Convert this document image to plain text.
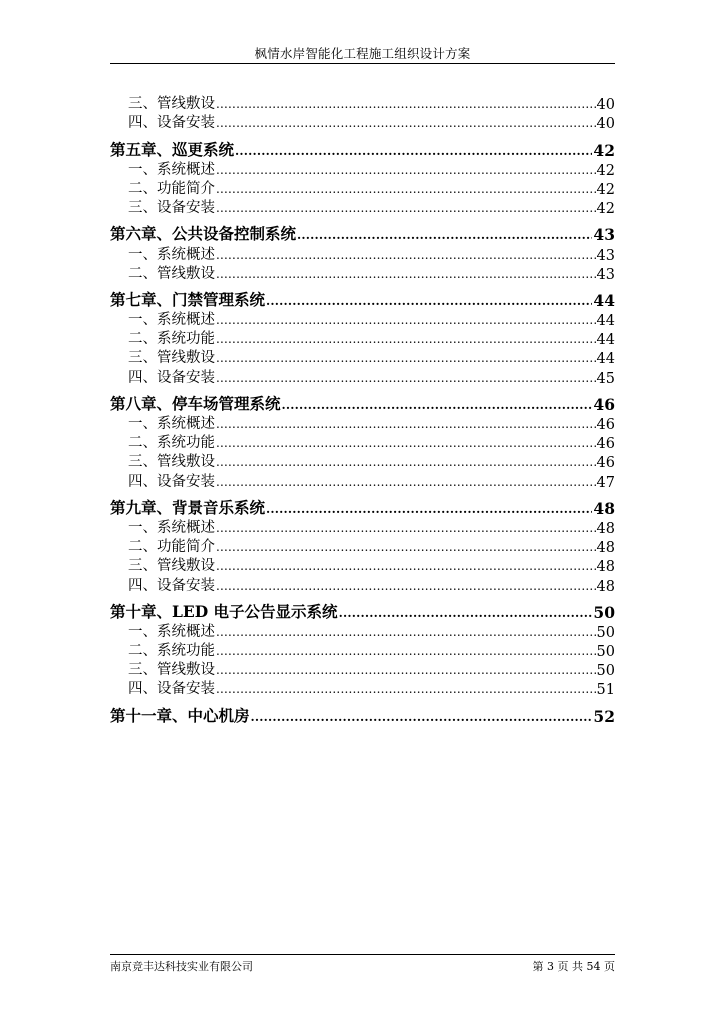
枫情水岸智能化工程施工组织设计方案
三、管线敷设 .....	40
四、设备安装 .....	40
第五章、巡更系统 .....	42
一、系统概述 .....	42
二、功能简介 .....	42
三、设备安装 .....	42
第六章、公共设备控制系统 .....	43
一、系统概述 .....	43
二、管线敷设 .....	43
第七章、门禁管理系统 .....	44
一、系统概述 .....	44
二、系统功能 .....	44
三、管线敷设 .....	44
四、设备安装 .....	45
第八章、停车场管理系统 .....	46
一、系统概述 .....	46
二、系统功能 .....	46
三、管线敷设 .....	46
四、设备安装 .....	47
第九章、背景音乐系统 .....	48
一、系统概述 .....	48
二、功能简介 .....	48
三、管线敷设 .....	48
四、设备安装 .....	48
第十章、LED 电子公告显示系统 .....	50
一、系统概述 .....	50
二、系统功能 .....	50
三、管线敷设 .....	50
四、设备安装 .....	51
第十一章、中心机房 .....	52
南京竞丰达科技实业有限公司	第 3 页 共 54 页
